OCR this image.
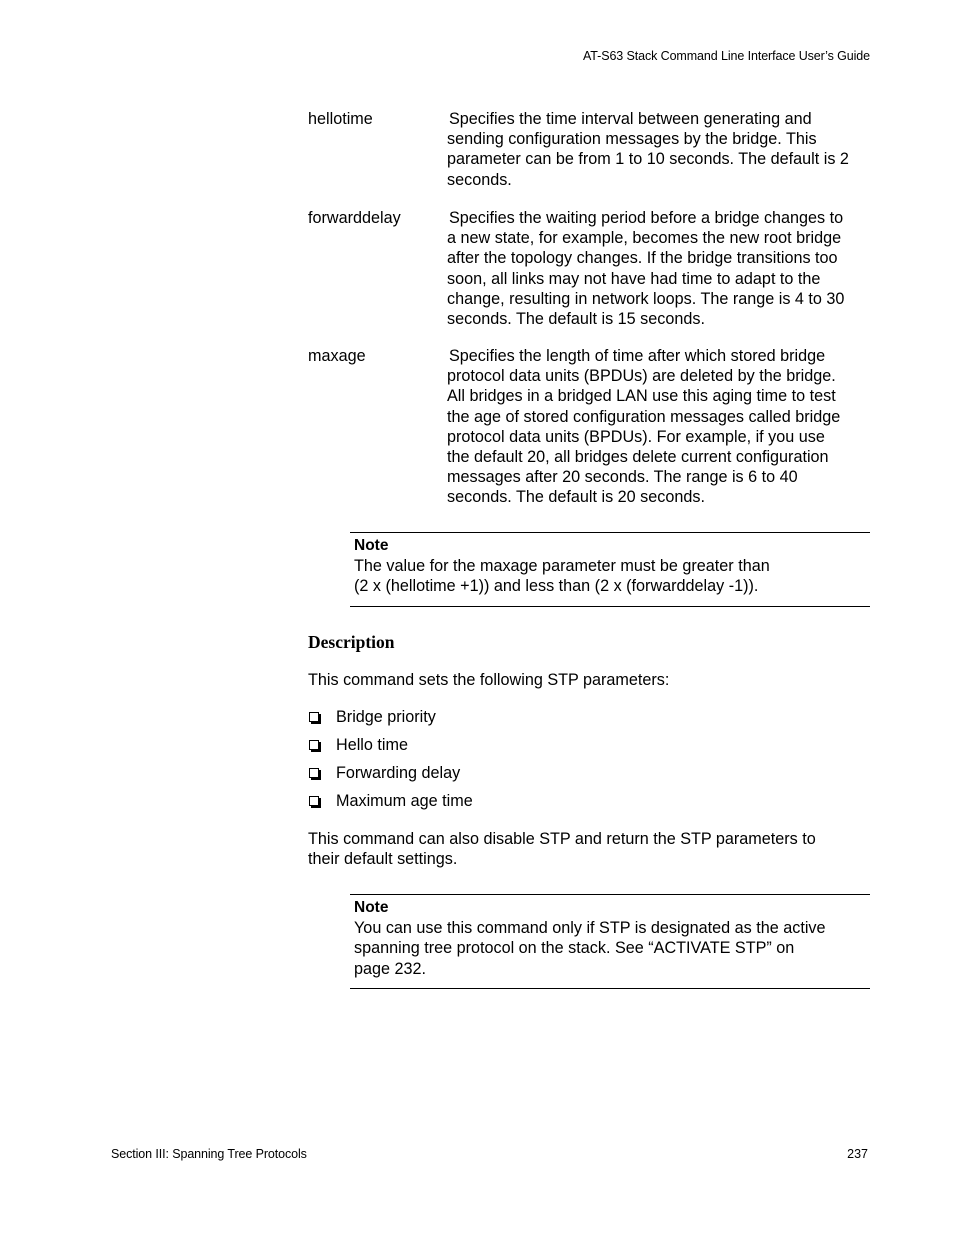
AT-S63 Stack Command Line Interface User’s Guide
hellotime	Specifies the time interval between generating and
sending configuration messages by the bridge. This
parameter can be from 1 to 10 seconds. The default is 2
seconds.
forwarddelay	Specifies the waiting period before a bridge changes to
a new state, for example, becomes the new root bridge
after the topology changes. If the bridge transitions too
soon, all links may not have had time to adapt to the
change, resulting in network loops. The range is 4 to 30
seconds. The default is 15 seconds.
maxage	Specifies the length of time after which stored bridge
protocol data units (BPDUs) are deleted by the bridge.
All bridges in a bridged LAN use this aging time to test
the age of stored configuration messages called bridge
protocol data units (BPDUs). For example, if you use
the default 20, all bridges delete current configuration
messages after 20 seconds. The range is 6 to 40
seconds. The default is 20 seconds.
Note
The value for the maxage parameter must be greater than
(2 x (hellotime +1)) and less than (2 x (forwarddelay -1)).
Description
This command sets the following STP parameters:
Bridge priority
Hello time
Forwarding delay
Maximum age time
This command can also disable STP and return the STP parameters to
their default settings.
Note
You can use this command only if STP is designated as the active
spanning tree protocol on the stack. See “ACTIVATE STP” on
page 232.
Section III: Spanning Tree Protocols	237
